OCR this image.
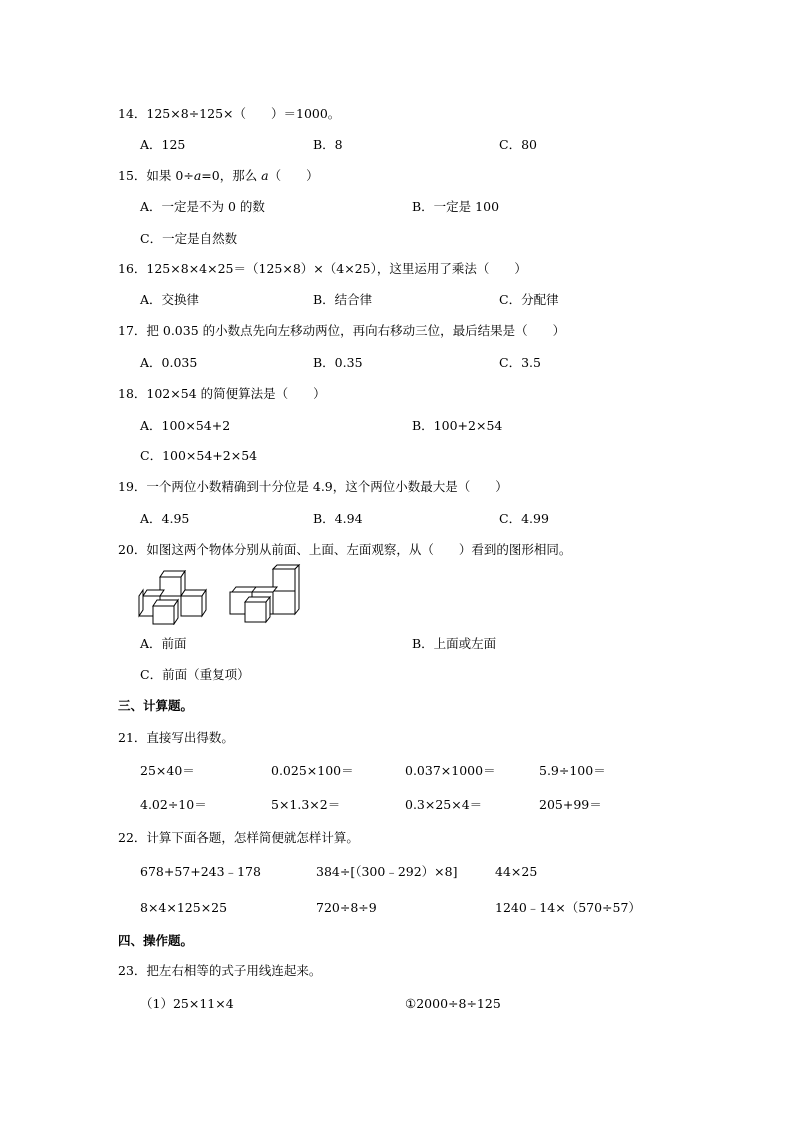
14．125×8÷125×（　　）＝1000。
A．125	B．8	C．80
15．如果 0÷a=0，那么 a（　　）
A．一定是不为 0 的数	B．一定是 100
C．一定是自然数
16．125×8×4×25＝（125×8）×（4×25），这里运用了乘法（　　）
A．交换律	B．结合律	C．分配律
17．把 0.035 的小数点先向左移动两位，再向右移动三位，最后结果是（　　）
A．0.035	B．0.35	C．3.5
18．102×54 的简便算法是（　　）
A．100×54+2	B．100+2×54
C．100×54+2×54
19．一个两位小数精确到十分位是 4.9，这个两位小数最大是（　　）
A．4.95	B．4.94	C．4.99
20．如图这两个物体分别从前面、上面、左面观察，从（　　）看到的图形相同。
A．前面	B．上面或左面
C．前面（重复项）
三、计算题。
21．直接写出得数。
25×40＝	0.025×100＝	0.037×1000＝	5.9÷100＝
4.02÷10＝	5×1.3×2＝	0.3×25×4＝	205+99＝
22．计算下面各题，怎样简便就怎样计算。
678+57+243﹣178	384÷[（300﹣292）×8]	44×25
8×4×125×25	720÷8÷9	1240﹣14×（570÷57）
四、操作题。
23．把左右相等的式子用线连起来。
（1）25×11×4	①2000÷8÷125
